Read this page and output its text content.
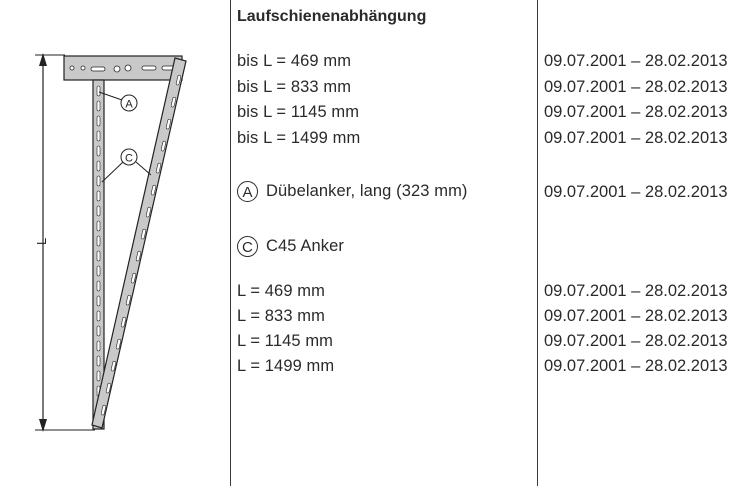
L
A
C
Laufschienenabhängung
bis L = 469 mm	09.07.2001 – 28.02.2013
bis L = 833 mm	09.07.2001 – 28.02.2013
bis L = 1145 mm	09.07.2001 – 28.02.2013
bis L = 1499 mm	09.07.2001 – 28.02.2013
A Dübelanker, lang (323 mm)	09.07.2001 – 28.02.2013
C C45 Anker
L = 469 mm	09.07.2001 – 28.02.2013
L = 833 mm	09.07.2001 – 28.02.2013
L = 1145 mm	09.07.2001 – 28.02.2013
L = 1499 mm	09.07.2001 – 28.02.2013
